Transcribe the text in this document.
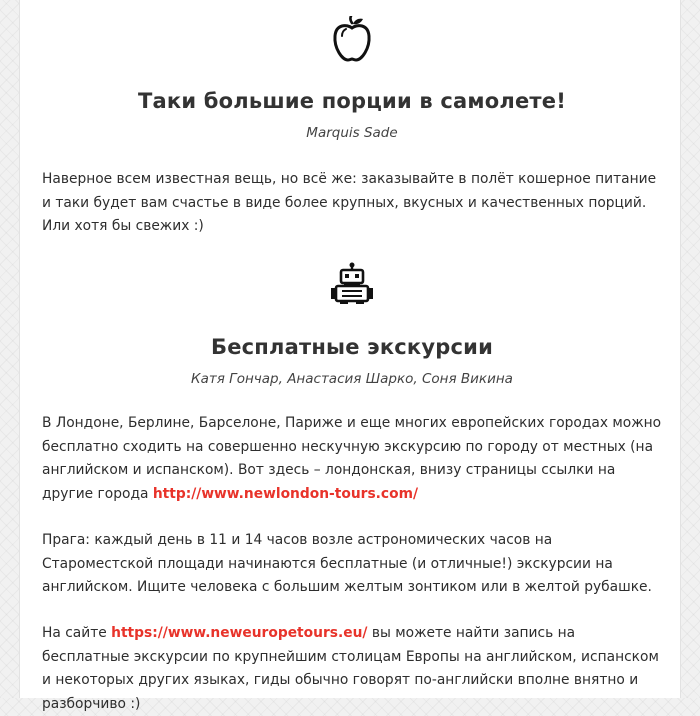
Таки большие порции в самолете!
Marquis Sade

Наверное всем известная вещь, но всё же: заказывайте в полёт кошерное питание и таки будет вам счастье в виде более крупных, вкусных и качественных порций. Или хотя бы свежих :)

Бесплатные экскурсии
Катя Гончар, Анастасия Шарко, Соня Викина

В Лондоне, Берлине, Барселоне, Париже и еще многих европейских городах можно бесплатно сходить на совершенно нескучную экскурсию по городу от местных (на английском и испанском). Вот здесь – лондонская, внизу страницы ссылки на другие города http://www.newlondon-tours.com/

Прага: каждый день в 11 и 14 часов возле астрономических часов на Староместской площади начинаются бесплатные (и отличные!) экскурсии на английском. Ищите человека с большим желтым зонтиком или в желтой рубашке.

На сайте https://www.neweuropetours.eu/ вы можете найти запись на бесплатные экскурсии по крупнейшим столицам Европы на английском, испанском и некоторых других языках, гиды обычно говорят по-английски вполне внятно и разборчиво :)
